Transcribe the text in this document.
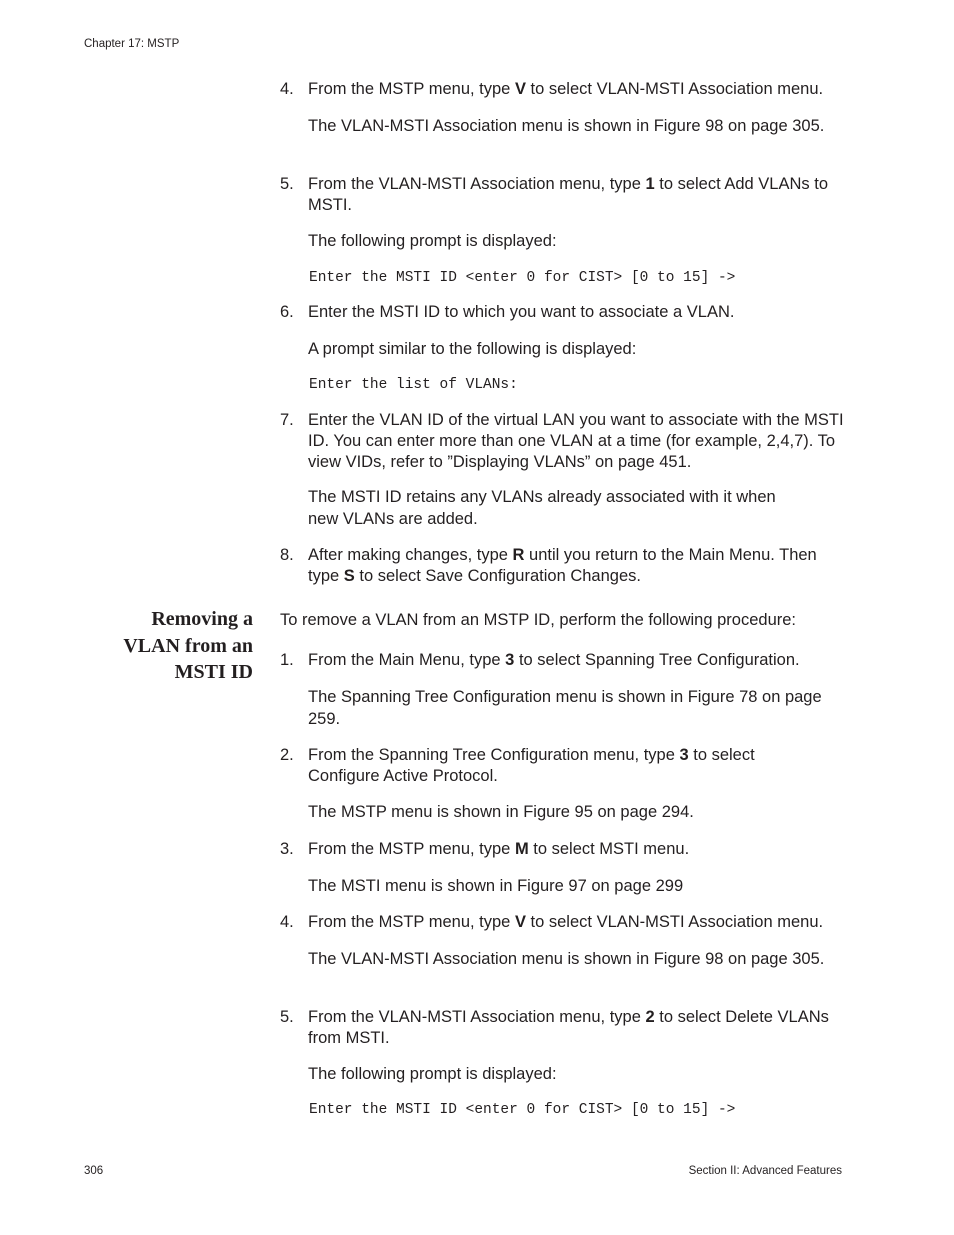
Chapter 17: MSTP
4. From the MSTP menu, type V to select VLAN-MSTI Association menu.
The VLAN-MSTI Association menu is shown in Figure 98 on page 305.
5. From the VLAN-MSTI Association menu, type 1 to select Add VLANs to MSTI.
The following prompt is displayed:
Enter the MSTI ID <enter 0 for CIST> [0 to 15] ->
6. Enter the MSTI ID to which you want to associate a VLAN.
A prompt similar to the following is displayed:
Enter the list of VLANs:
7. Enter the VLAN ID of the virtual LAN you want to associate with the MSTI ID. You can enter more than one VLAN at a time (for example, 2,4,7). To view VIDs, refer to ”Displaying VLANs” on page 451.
The MSTI ID retains any VLANs already associated with it when new VLANs are added.
8. After making changes, type R until you return to the Main Menu. Then type S to select Save Configuration Changes.
Removing a
VLAN from an
MSTI ID
To remove a VLAN from an MSTP ID, perform the following procedure:
1. From the Main Menu, type 3 to select Spanning Tree Configuration.
The Spanning Tree Configuration menu is shown in Figure 78 on page 259.
2. From the Spanning Tree Configuration menu, type 3 to select Configure Active Protocol.
The MSTP menu is shown in Figure 95 on page 294.
3. From the MSTP menu, type M to select MSTI menu.
The MSTI menu is shown in Figure 97 on page 299
4. From the MSTP menu, type V to select VLAN-MSTI Association menu.
The VLAN-MSTI Association menu is shown in Figure 98 on page 305.
5. From the VLAN-MSTI Association menu, type 2 to select Delete VLANs from MSTI.
The following prompt is displayed:
Enter the MSTI ID <enter 0 for CIST> [0 to 15] ->
306	Section II: Advanced Features
